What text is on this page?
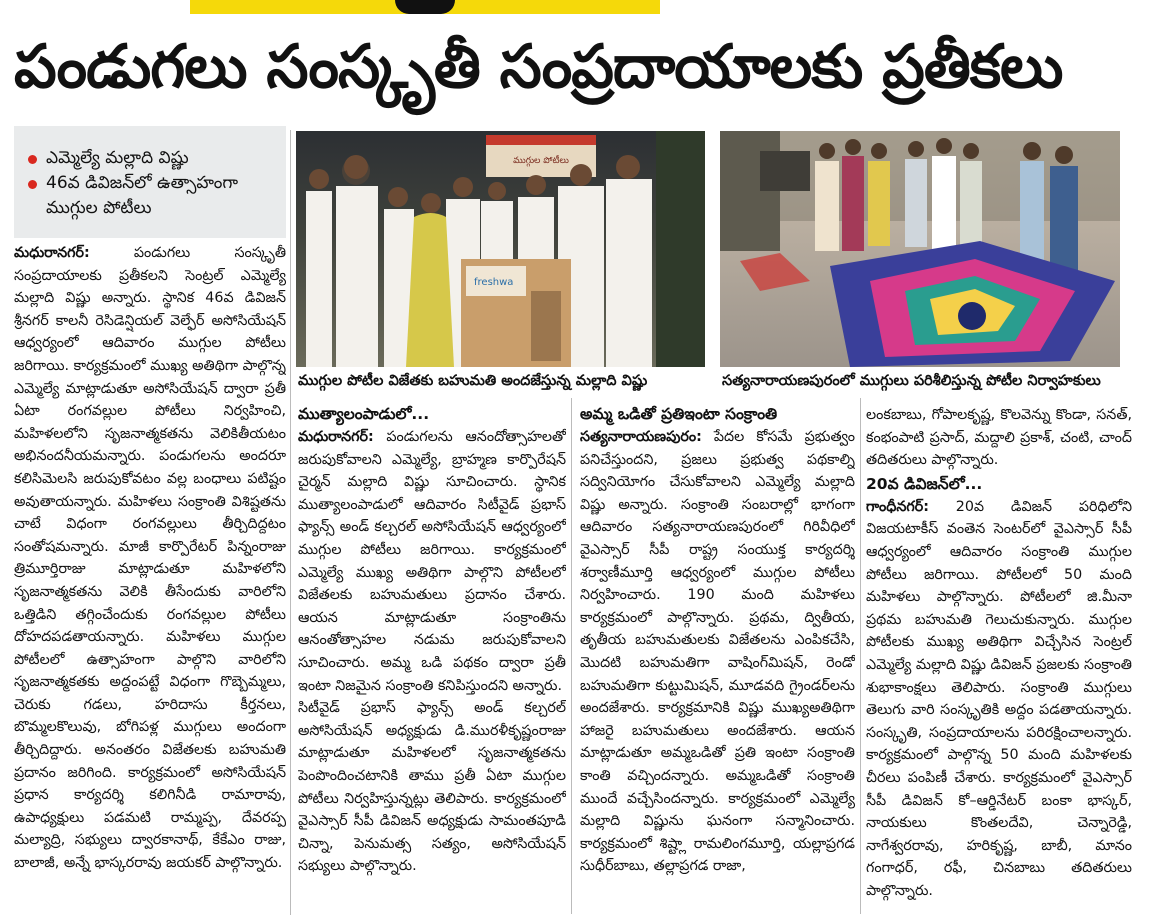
పండుగలు సంస్కృతీ సంప్రదాయాలకు ప్రతీకలు
ఎమ్మెల్యే మల్లాది విష్ణు
46వ డివిజన్‌లో ఉత్సాహంగా ముగ్గుల పోటీలు
ముగ్గుల పోటీలు
freshwa
ముగ్గుల పోటీల విజేతకు బహుమతి అందజేస్తున్న మల్లాది విష్ణు	సత్యనారాయణపురంలో ముగ్గులు పరిశీలిస్తున్న పోటీల నిర్వాహకులు

మధురానగర్:	పండుగలు సంస్కృతీ సంప్రదాయాలకు ప్రతీకలని సెంట్రల్ ఎమ్మెల్యే మల్లాది విష్ణు అన్నారు. స్థానిక 46వ డివిజన్ శ్రీనగర్ కాలనీ రెసిడెన్షియల్ వెల్ఫేర్ అసోసియేషన్ ఆధ్వర్యంలో ఆదివారం ముగ్గుల పోటీలు జరిగాయి. కార్యక్రమంలో ముఖ్య అతిథిగా పాల్గొన్న ఎమ్మెల్యే మాట్లాడుతూ అసోసియేషన్ ద్వారా ప్రతీ ఏటా రంగవల్లుల పోటీలు నిర్వహించి, మహిళలలోని సృజనాత్మకతను వెలికితీయటం అభినందనీయమన్నారు. పండుగలను అందరూ కలిసిమెలసి జరుపుకోవటం వల్ల బంధాలు పటిష్టం అవుతాయన్నారు. మహిళలు సంక్రాంతి విశిష్టతను చాటే విధంగా రంగవల్లులు తీర్చిదిద్దటం సంతోషమన్నారు. మాజీ కార్పొరేటర్ పిన్నంరాజు త్రిమూర్తిరాజు మాట్లాడుతూ మహిళలోని సృజనాత్మకతను వెలికి తీసేందుకు వారిలోని ఒత్తిడిని తగ్గించేందుకు రంగవల్లుల పోటీలు దోహదపడతాయన్నారు. మహిళలు ముగ్గుల పోటీలలో ఉత్సాహంగా పాల్గొని వారిలోని సృజనాత్మకతకు అద్దంపట్టే విధంగా గొబ్బెమ్మలు, చెరుకు గడలు, హరిదాసు కీర్తనలు, బొమ్మలకొలువు, బోగిపళ్ల ముగ్గులు అందంగా తీర్చిదిద్దారు. అనంతరం విజేతలకు బహుమతి ప్రదానం జరిగింది. కార్యక్రమంలో అసోసియేషన్ ప్రధాన కార్యదర్శి కలిగినీడి రామారావు, ఉపాధ్యక్షులు పడమటి రామ్మప్ప, దేవరప్ప మల్యాద్రి, సభ్యులు ద్వారకానాథ్, కేకేఎం రాజు, బాలాజీ, అన్నే భాస్కరరావు జయకర్ పాల్గొన్నారు.

ముత్యాలంపాడులో...

మధురానగర్: పండుగలను ఆనందోత్సాహలతో జరుపుకోవాలని ఎమ్మెల్యే, బ్రాహ్మణ కార్పొరేషన్ చైర్మన్ మల్లాది విష్ణు సూచించారు. స్థానిక ముత్యాలంపాడులో ఆదివారం సిటీవైడ్ ప్రభాస్ ఫ్యాన్స్ అండ్ కల్చరల్ అసోసియేషన్ ఆధ్వర్యంలో ముగ్గుల పోటీలు జరిగాయి. కార్యక్రమంలో ఎమ్మెల్యే ముఖ్య అతిథిగా పాల్గొని పోటీలలో విజేతలకు బహుమతులు ప్రదానం చేశారు. ఆయన మాట్లాడుతూ సంక్రాంతిను ఆనంతోత్సాహల నడుమ జరుపుకోవాలని సూచించారు. అమ్మ ఒడి పథకం ద్వారా ప్రతీ ఇంటా నిజమైన సంక్రాంతి కనిపిస్తుందని అన్నారు.

సిటీవైడ్ ప్రభాస్ ఫ్యాన్స్ అండ్ కల్చరల్ అసోసియేషన్ అధ్యక్షుడు డి.మురళీకృష్ణంరాజు మాట్లాడుతూ మహిళలలో సృజనాత్మకతను పెంపొందించటానికి తాము ప్రతీ ఏటా ముగ్గుల పోటీలు నిర్వహిస్తున్నట్లు తెలిపారు. కార్యక్రమంలో వైఎస్సార్ సీపీ డివిజన్ అధ్యక్షుడు సామంతపూడి చిన్నా, పెనుమత్స సత్యం, అసోసియేషన్ సభ్యులు పాల్గొన్నారు.

అమ్మ ఒడితో ప్రతిఇంటా సంక్రాంతి

సత్యనారాయణపురం: పేదల కోసమే ప్రభుత్వం పనిచేస్తుందని, ప్రజలు ప్రభుత్వ పథకాల్ని సద్వినియోగం చేసుకోవాలని ఎమ్మెల్యే మల్లాది విష్ణు అన్నారు. సంక్రాంతి సంబరాల్లో భాగంగా ఆదివారం సత్యనారాయణపురంలో గిరివీధిలో వైఎస్సార్ సీపీ రాష్ట్ర సంయుక్త కార్యదర్శి శర్వాణీమూర్తి ఆధ్వర్యంలో ముగ్గుల పోటీలు నిర్వహించారు. 190 మంది మహిళలు కార్యక్రమంలో పాల్గొన్నారు. ప్రథమ, ద్వితీయ, తృతీయ బహుమతులకు విజేతలను ఎంపికచేసి, మొదటి బహుమతిగా వాషింగ్‌మిషన్, రెండో బహుమతిగా కుట్టుమిషన్, మూడవది గ్రైండర్‌లను అందజేశారు. కార్యక్రమానికి విష్ణు ముఖ్యఅతిథిగా హాజరై బహుమతులు అందజేశారు. ఆయన మాట్లాడుతూ అమ్మఒడితో ప్రతి ఇంటా సంక్రాంతి కాంతి వచ్చిందన్నారు. అమ్మఒడితో సంక్రాంతి ముందే వచ్చేసిందన్నారు. కార్యక్రమంలో ఎమ్మెల్యే మల్లాది విష్ణును ఘనంగా సన్మానించారు. కార్యక్రమంలో శిష్ట్లా రామలింగమూర్తి, యల్లాప్రగడ సుధీర్‌బాబు, తల్లాప్రగడ రాజా,

లంకబాబు, గోపాలకృష్ణ, కొలవెన్ను కొండా, సనత్, కంభంపాటి ప్రసాద్, మద్దాలి ప్రకాశ్, చంటి, చాంద్ తదితరులు పాల్గొన్నారు.

20వ డివిజన్‌లో...

గాంధీనగర్: 20వ డివిజన్ పరిధిలోని విజయటాకీస్ వంతెన సెంటర్‌లో వైఎస్సార్ సీపీ ఆధ్వర్యంలో ఆదివారం సంక్రాంతి ముగ్గుల పోటీలు జరిగాయి. పోటీలలో 50 మంది మహిళలు పాల్గొన్నారు. పోటీలలో జి.మీనా ప్రథమ బహుమతి గెలుచుకున్నారు. ముగ్గుల పోటీలకు ముఖ్య అతిథిగా విచ్చేసిన సెంట్రల్ ఎమ్మెల్యే మల్లాది విష్ణు డివిజన్ ప్రజలకు సంక్రాంతి శుభాకాంక్షలు తెలిపారు. సంక్రాంతి ముగ్గులు తెలుగు వారి సంస్కృతికి అద్దం పడతాయన్నారు. సంస్కృతి, సంప్రదాయాలను పరిరక్షించాలన్నారు. కార్యక్రమంలో పాల్గొన్న 50 మంది మహిళలకు చీరలు పంపిణీ చేశారు. కార్యక్రమంలో వైఎస్సార్ సీపీ డివిజన్ కో–ఆర్డినేటర్ బంకా భాస్కర్, నాయకులు కొంతలదేవి, చెన్నారెడ్డి, నాగేశ్వరరావు, హరికృష్ణ, బాబీ, మానం గంగాధర్, రఫీ, చినబాబు తదితరులు పాల్గొన్నారు.
